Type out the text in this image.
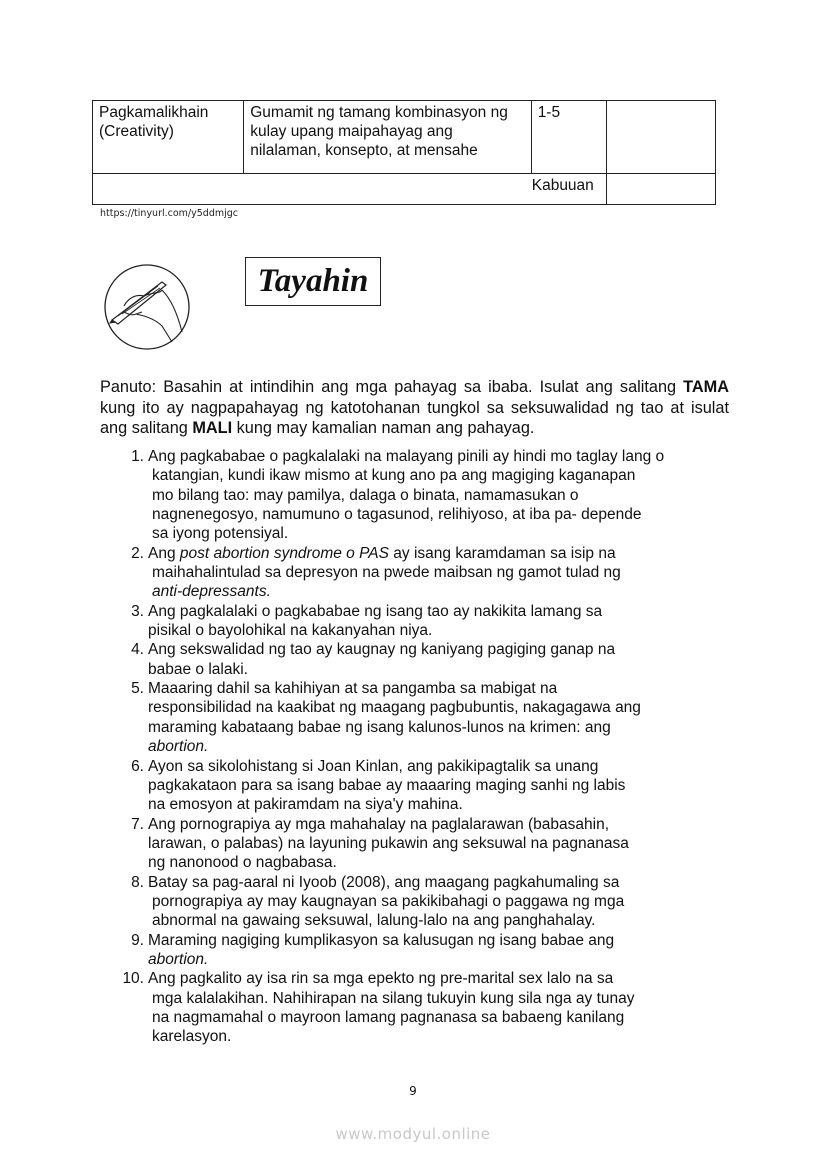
Pagkamalikhain
(Creativity)	Gumamit ng tamang kombinasyon ng kulay upang maipahayag ang nilalaman, konsepto, at mensahe	1-5	
Kabuuan			
https://tinyurl.com/y5ddmjgc
Tayahin
Panuto: Basahin at intindihin ang mga pahayag sa ibaba. Isulat ang salitang TAMA kung ito ay nagpapahayag ng katotohanan tungkol sa seksuwalidad ng tao at isulat ang salitang MALI kung may kamalian naman ang pahayag.
1. Ang pagkababae o pagkalalaki na malayang pinili ay hindi mo taglay lang o
katangian, kundi ikaw mismo at kung ano pa ang magiging kaganapan
mo bilang tao: may pamilya, dalaga o binata, namamasukan o
nagnenegosyo, namumuno o tagasunod, relihiyoso, at iba pa- depende
sa iyong potensiyal.
2. Ang post abortion syndrome o PAS ay isang karamdaman sa isip na
maihahalintulad sa depresyon na pwede maibsan ng gamot tulad ng
anti-depressants.
3. Ang pagkalalaki o pagkababae ng isang tao ay nakikita lamang sa
pisikal o bayolohikal na kakanyahan niya.
4. Ang sekswalidad ng tao ay kaugnay ng kaniyang pagiging ganap na
babae o lalaki.
5. Maaaring dahil sa kahihiyan at sa pangamba sa mabigat na
responsibilidad na kaakibat ng maagang pagbubuntis, nakagagawa ang
maraming kabataang babae ng isang kalunos-lunos na krimen: ang
abortion.
6. Ayon sa sikolohistang si Joan Kinlan, ang pakikipagtalik sa unang
pagkakataon para sa isang babae ay maaaring maging sanhi ng labis
na emosyon at pakiramdam na siya'y mahina.
7. Ang pornograpiya ay mga mahahalay na paglalarawan (babasahin,
larawan, o palabas) na layuning pukawin ang seksuwal na pagnanasa
ng nanonood o nagbabasa.
8. Batay sa pag-aaral ni Iyoob (2008), ang maagang pagkahumaling sa
pornograpiya ay may kaugnayan sa pakikibahagi o paggawa ng mga
abnormal na gawaing seksuwal, lalung-lalo na ang panghahalay.
9. Maraming nagiging kumplikasyon sa kalusugan ng isang babae ang
abortion.
10. Ang pagkalito ay isa rin sa mga epekto ng pre-marital sex lalo na sa
mga kalalakihan. Nahihirapan na silang tukuyin kung sila nga ay tunay
na nagmamahal o mayroon lamang pagnanasa sa babaeng kanilang
karelasyon.
9
www.modyul.online
